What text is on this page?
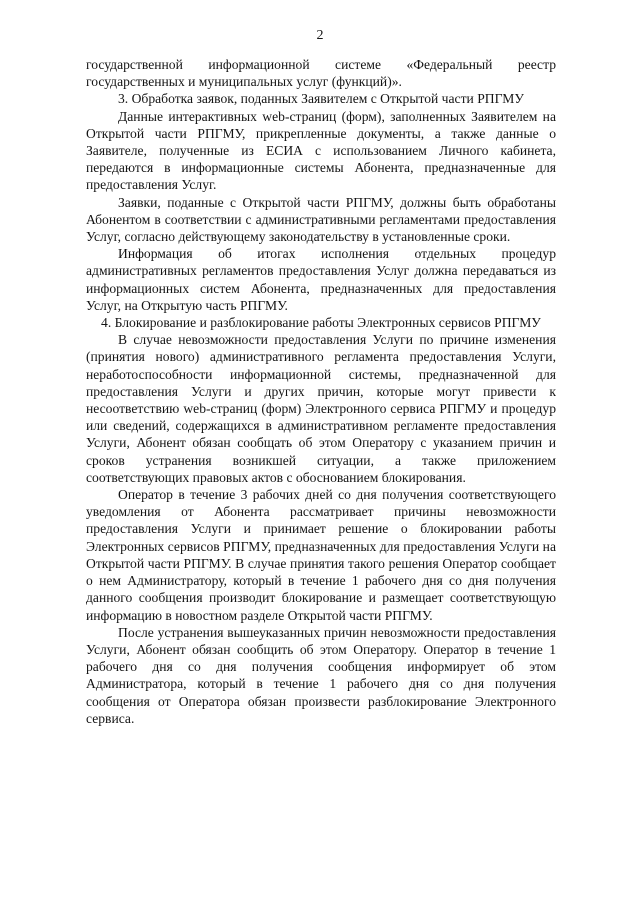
2

государственной информационной системе «Федеральный реестр государственных и муниципальных услуг (функций)».

3. Обработка заявок, поданных Заявителем с Открытой части РПГМУ

Данные интерактивных web-страниц (форм), заполненных Заявителем на Открытой части РПГМУ, прикрепленные документы, а также данные о Заявителе, полученные из ЕСИА с использованием Личного кабинета, передаются в информационные системы Абонента, предназначенные для предоставления Услуг.

Заявки, поданные с Открытой части РПГМУ, должны быть обработаны Абонентом в соответствии с административными регламентами предоставления Услуг, согласно действующему законодательству в установленные сроки.

Информация об итогах исполнения отдельных процедур административных регламентов предоставления Услуг должна передаваться из информационных систем Абонента, предназначенных для предоставления Услуг, на Открытую часть РПГМУ.

4. Блокирование и разблокирование работы Электронных сервисов РПГМУ

В случае невозможности предоставления Услуги по причине изменения (принятия нового) административного регламента предоставления Услуги, неработоспособности информационной системы, предназначенной для предоставления Услуги и других причин, которые могут привести к несоответствию web-страниц (форм) Электронного сервиса РПГМУ и процедур или сведений, содержащихся в административном регламенте предоставления Услуги, Абонент обязан сообщать об этом Оператору с указанием причин и сроков устранения возникшей ситуации, а также приложением соответствующих правовых актов с обоснованием блокирования.

Оператор в течение 3 рабочих дней со дня получения соответствующего уведомления от Абонента рассматривает причины невозможности предоставления Услуги и принимает решение о блокировании работы Электронных сервисов РПГМУ, предназначенных для предоставления Услуги на Открытой части РПГМУ. В случае принятия такого решения Оператор сообщает о нем Администратору, который в течение 1 рабочего дня со дня получения данного сообщения производит блокирование и размещает соответствующую информацию в новостном разделе Открытой части РПГМУ.

После устранения вышеуказанных причин невозможности предоставления Услуги, Абонент обязан сообщить об этом Оператору. Оператор в течение 1 рабочего дня со дня получения сообщения информирует об этом Администратора, который в течение 1 рабочего дня со дня получения сообщения от Оператора обязан произвести разблокирование Электронного сервиса.
